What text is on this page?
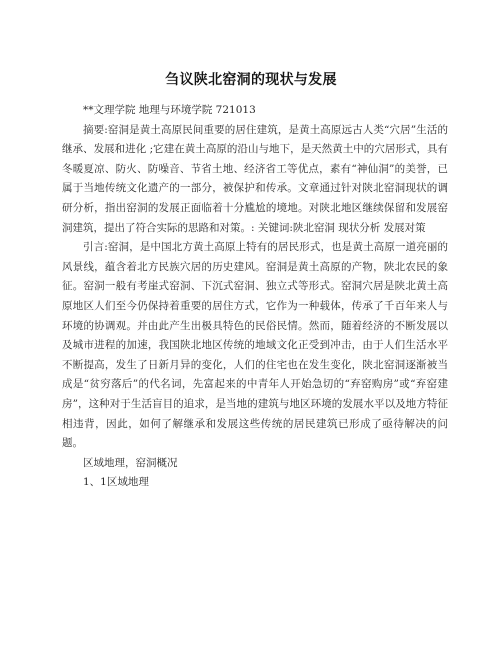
刍议陕北窑洞的现状与发展

**文理学院 地理与环境学院 721013

摘要:窑洞是黄土高原民间重要的居住建筑，是黄土高原远古人类“穴居”生活的继承、发展和进化 ;它建在黄土高原的沿山与地下，是天然黄土中的穴居形式，具有冬暖夏凉、防火、防噪音、节省土地、经济省工等优点，素有“神仙洞”的美誉，已属于当地传统文化遗产的一部分，被保护和传承。文章通过针对陕北窑洞现状的调研分析，指出窑洞的发展正面临着十分尴尬的境地。对陕北地区继续保留和发展窑洞建筑，提出了符合实际的思路和对策。: 关键词:陕北窑洞 现状分析 发展对策

引言:窑洞，是中国北方黄土高原上特有的居民形式，也是黄土高原一道亮丽的风景线，蕴含着北方民族穴居的历史建风。窑洞是黄土高原的产物，陕北农民的象征。窑洞一般有考崖式窑洞、下沉式窑洞、独立式等形式。窑洞穴居是陕北黄土高原地区人们至今仍保持着重要的居住方式，它作为一种载体，传承了千百年来人与环境的协调观。并由此产生出极具特色的民俗民情。然而，随着经济的不断发展以及城市进程的加速，我国陕北地区传统的地域文化正受到冲击，由于人们生活水平不断提高，发生了日新月异的变化，人们的住宅也在发生变化，陕北窑洞逐渐被当成是“贫穷落后”的代名词，先富起来的中青年人开始急切的“弃窑购房”或“弃窑建房”，这种对于生活盲目的追求，是当地的建筑与地区环境的发展水平以及地方特征相违背，因此，如何了解继承和发展这些传统的居民建筑已形成了亟待解决的问题。

区域地理，窑洞概况

1、1区域地理
